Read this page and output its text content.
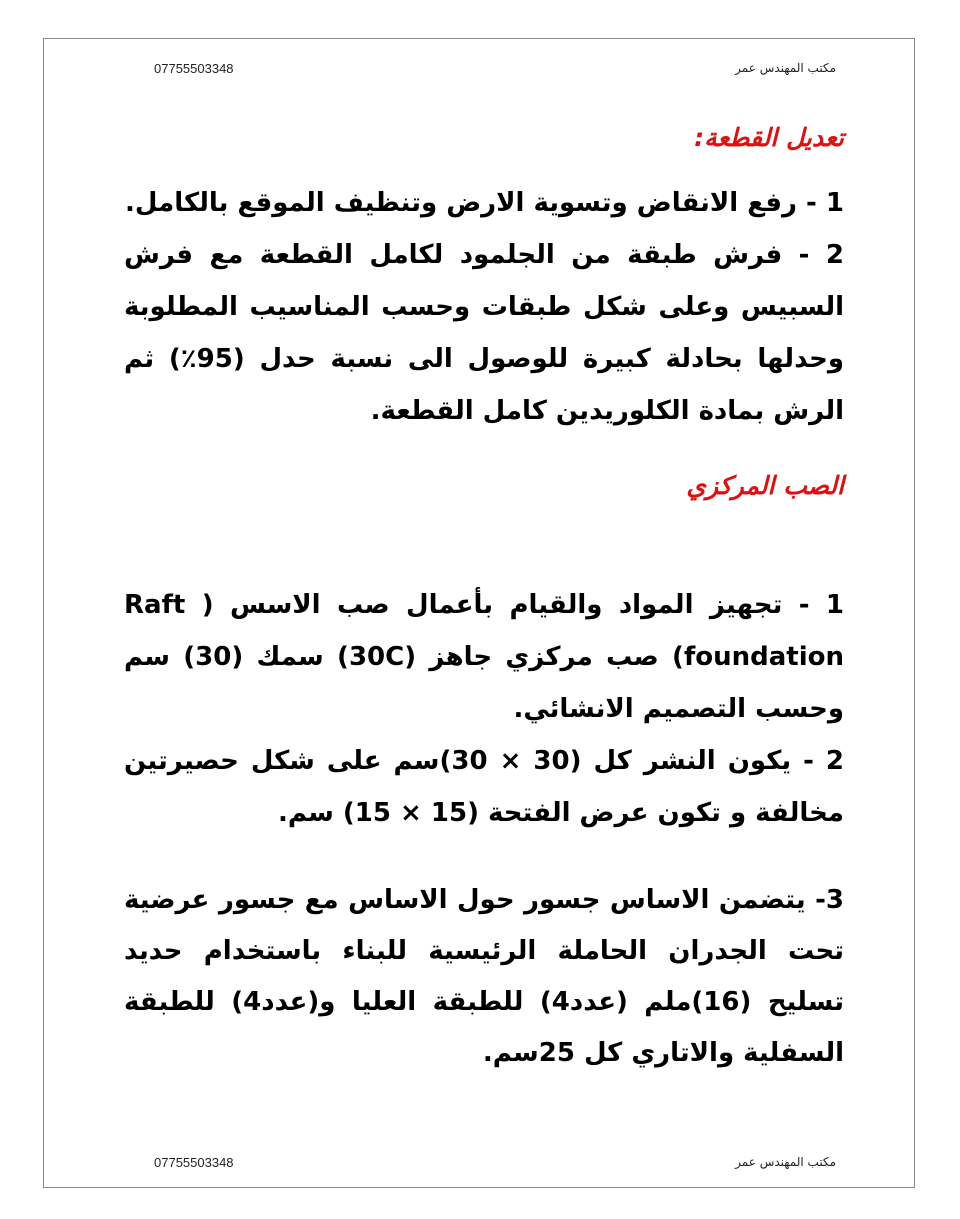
07755503348	مكتب المهندس عمر
تعديل القطعة:

1 - رفع الانقاض وتسوية الارض وتنظيف الموقع بالكامل.

2 - فرش طبقة من الجلمود لكامل القطعة مع فرش السبيس وعلى شكل طبقات وحسب المناسيب المطلوبة وحدلها بحادلة كبيرة للوصول الى نسبة حدل (95٪) ثم الرش بمادة الكلوريدين كامل القطعة.

الصب المركزي

1 - تجهيز المواد والقيام بأعمال صب الاسس ( Raft foundation) صب مركزي جاهز (30C) سمك (30) سم وحسب التصميم الانشائي.

2 - يكون النشر كل (30 × 30)سم على شكل حصيرتين مخالفة و تكون عرض الفتحة (15 × 15) سم.

3- يتضمن الاساس جسور حول الاساس مع جسور عرضية تحت الجدران الحاملة الرئيسية للبناء باستخدام حديد تسليح (16)ملم (عدد4) للطبقة العليا و(عدد4) للطبقة السفلية والاتاري كل 25سم.

07755503348	مكتب المهندس عمر
